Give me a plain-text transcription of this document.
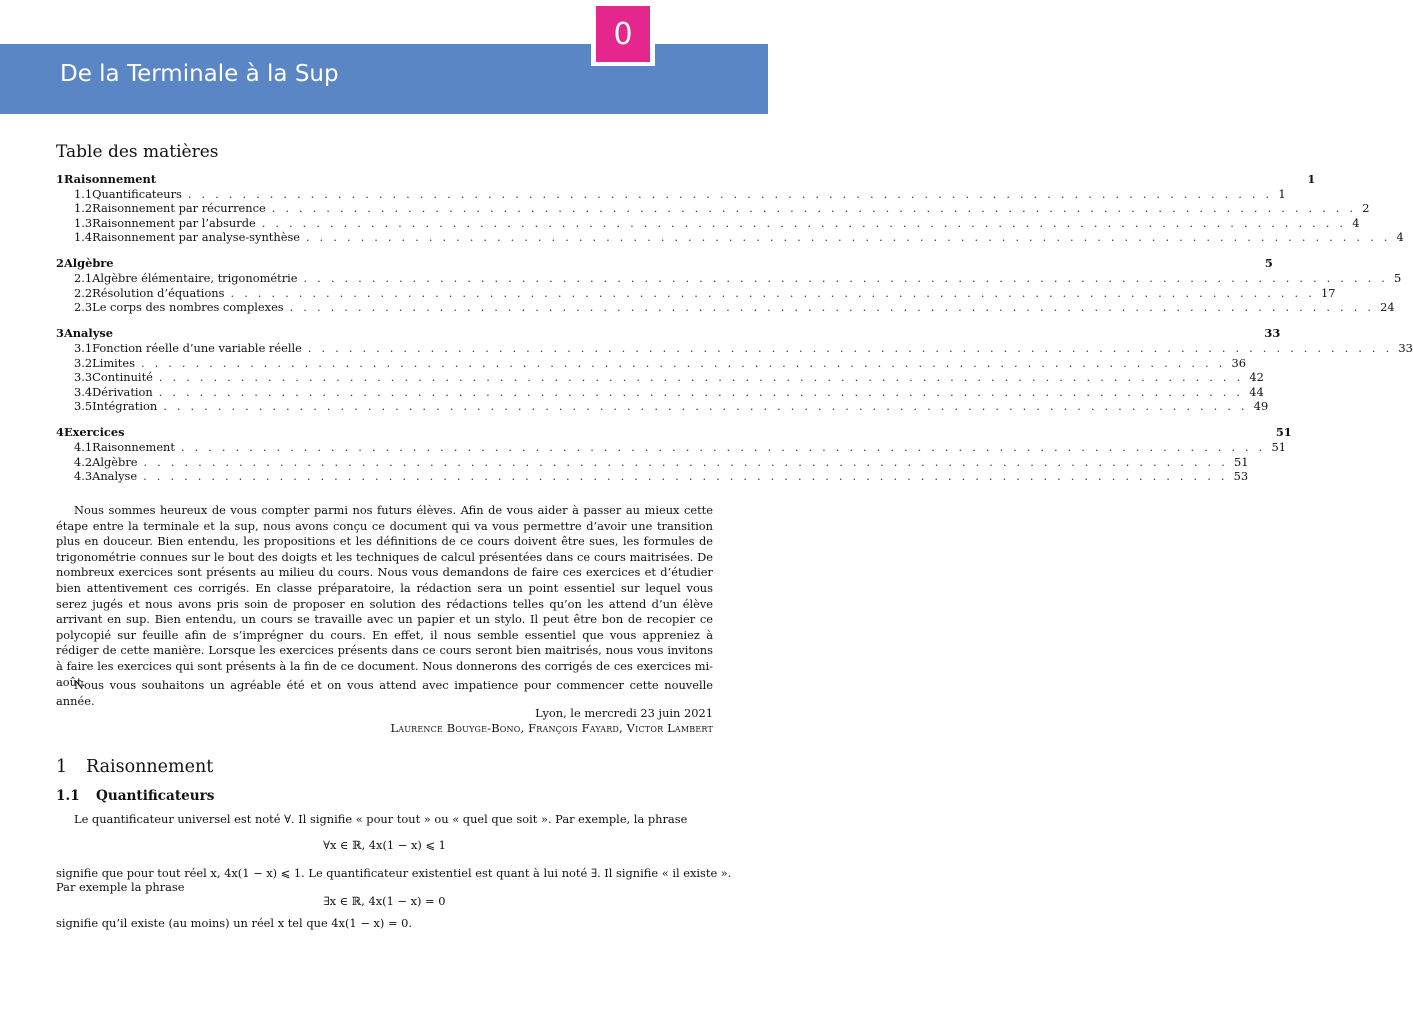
De la Terminale à la Sup
0
Table des matières
1 Raisonnement	1
1.1 Quantificateurs . . . . . . . . . . . . . . . . . . . . . . . . . . . . . . . . . . . . . . . . . . . . . . . . . . . . . . . . . . . . . . . . . . . . . . . . . . . . . . . . 1
1.2 Raisonnement par récurrence . . . . . . . . . . . . . . . . . . . . . . . . . . . . . . . . . . . . . . . . . . . . . . . . . . . . . . . . . . . . . . . . . . . . . . . . . . . . . . . . 2
1.3 Raisonnement par l’absurde . . . . . . . . . . . . . . . . . . . . . . . . . . . . . . . . . . . . . . . . . . . . . . . . . . . . . . . . . . . . . . . . . . . . . . . . . . . . . . . . 4
1.4 Raisonnement par analyse-synthèse . . . . . . . . . . . . . . . . . . . . . . . . . . . . . . . . . . . . . . . . . . . . . . . . . . . . . . . . . . . . . . . . . . . . . . . . . . . . . . . . 4
2 Algèbre	5
2.1 Algèbre élémentaire, trigonométrie . . . . . . . . . . . . . . . . . . . . . . . . . . . . . . . . . . . . . . . . . . . . . . . . . . . . . . . . . . . . . . . . . . . . . . . . . . . . . . . . 5
2.2 Résolution d’équations . . . . . . . . . . . . . . . . . . . . . . . . . . . . . . . . . . . . . . . . . . . . . . . . . . . . . . . . . . . . . . . . . . . . . . . . . . . . . . . . 17
2.3 Le corps des nombres complexes . . . . . . . . . . . . . . . . . . . . . . . . . . . . . . . . . . . . . . . . . . . . . . . . . . . . . . . . . . . . . . . . . . . . . . . . . . . . . . . . 24
3 Analyse	33
3.1 Fonction réelle d’une variable réelle . . . . . . . . . . . . . . . . . . . . . . . . . . . . . . . . . . . . . . . . . . . . . . . . . . . . . . . . . . . . . . . . . . . . . . . . . . . . . . . . 33
3.2 Limites . . . . . . . . . . . . . . . . . . . . . . . . . . . . . . . . . . . . . . . . . . . . . . . . . . . . . . . . . . . . . . . . . . . . . . . . . . . . . . . . 36
3.3 Continuité . . . . . . . . . . . . . . . . . . . . . . . . . . . . . . . . . . . . . . . . . . . . . . . . . . . . . . . . . . . . . . . . . . . . . . . . . . . . . . . . 42
3.4 Dérivation . . . . . . . . . . . . . . . . . . . . . . . . . . . . . . . . . . . . . . . . . . . . . . . . . . . . . . . . . . . . . . . . . . . . . . . . . . . . . . . . 44
3.5 Intégration . . . . . . . . . . . . . . . . . . . . . . . . . . . . . . . . . . . . . . . . . . . . . . . . . . . . . . . . . . . . . . . . . . . . . . . . . . . . . . . . 49
4 Exercices	51
4.1 Raisonnement . . . . . . . . . . . . . . . . . . . . . . . . . . . . . . . . . . . . . . . . . . . . . . . . . . . . . . . . . . . . . . . . . . . . . . . . . . . . . . . . 51
4.2 Algèbre . . . . . . . . . . . . . . . . . . . . . . . . . . . . . . . . . . . . . . . . . . . . . . . . . . . . . . . . . . . . . . . . . . . . . . . . . . . . . . . . 51
4.3 Analyse . . . . . . . . . . . . . . . . . . . . . . . . . . . . . . . . . . . . . . . . . . . . . . . . . . . . . . . . . . . . . . . . . . . . . . . . . . . . . . . . 53

Nous sommes heureux de vous compter parmi nos futurs élèves. Afin de vous aider à passer au mieux cette étape entre la terminale et la sup, nous avons conçu ce document qui va vous permettre d’avoir une transition plus en douceur. Bien entendu, les propositions et les définitions de ce cours doivent être sues, les formules de trigonométrie connues sur le bout des doigts et les techniques de calcul présentées dans ce cours maitrisées. De nombreux exercices sont présents au milieu du cours. Nous vous demandons de faire ces exercices et d’étudier bien attentivement ces corrigés. En classe préparatoire, la rédaction sera un point essentiel sur lequel vous serez jugés et nous avons pris soin de proposer en solution des rédactions telles qu’on les attend d’un élève arrivant en sup. Bien entendu, un cours se travaille avec un papier et un stylo. Il peut être bon de recopier ce polycopié sur feuille afin de s’imprégner du cours. En effet, il nous semble essentiel que vous appreniez à rédiger de cette manière. Lorsque les exercices présents dans ce cours seront bien maitrisés, nous vous invitons à faire les exercices qui sont présents à la fin de ce document. Nous donnerons des corrigés de ces exercices mi-août.

Nous vous souhaitons un agréable été et on vous attend avec impatience pour commencer cette nouvelle année.

Lyon, le mercredi 23 juin 2021
Laurence Bouyge-Bono, François Fayard, Victor Lambert
1 Raisonnement
1.1 Quantificateurs

Le quantificateur universel est noté ∀. Il signifie « pour tout » ou « quel que soit ». Par exemple, la phrase

∀x ∈ ℝ, 4x(1 − x) ⩽ 1

signifie que pour tout réel x, 4x(1 − x) ⩽ 1. Le quantificateur existentiel est quant à lui noté ∃. Il signifie « il existe ».

Par exemple la phrase

∃x ∈ ℝ, 4x(1 − x) = 0

signifie qu’il existe (au moins) un réel x tel que 4x(1 − x) = 0.
